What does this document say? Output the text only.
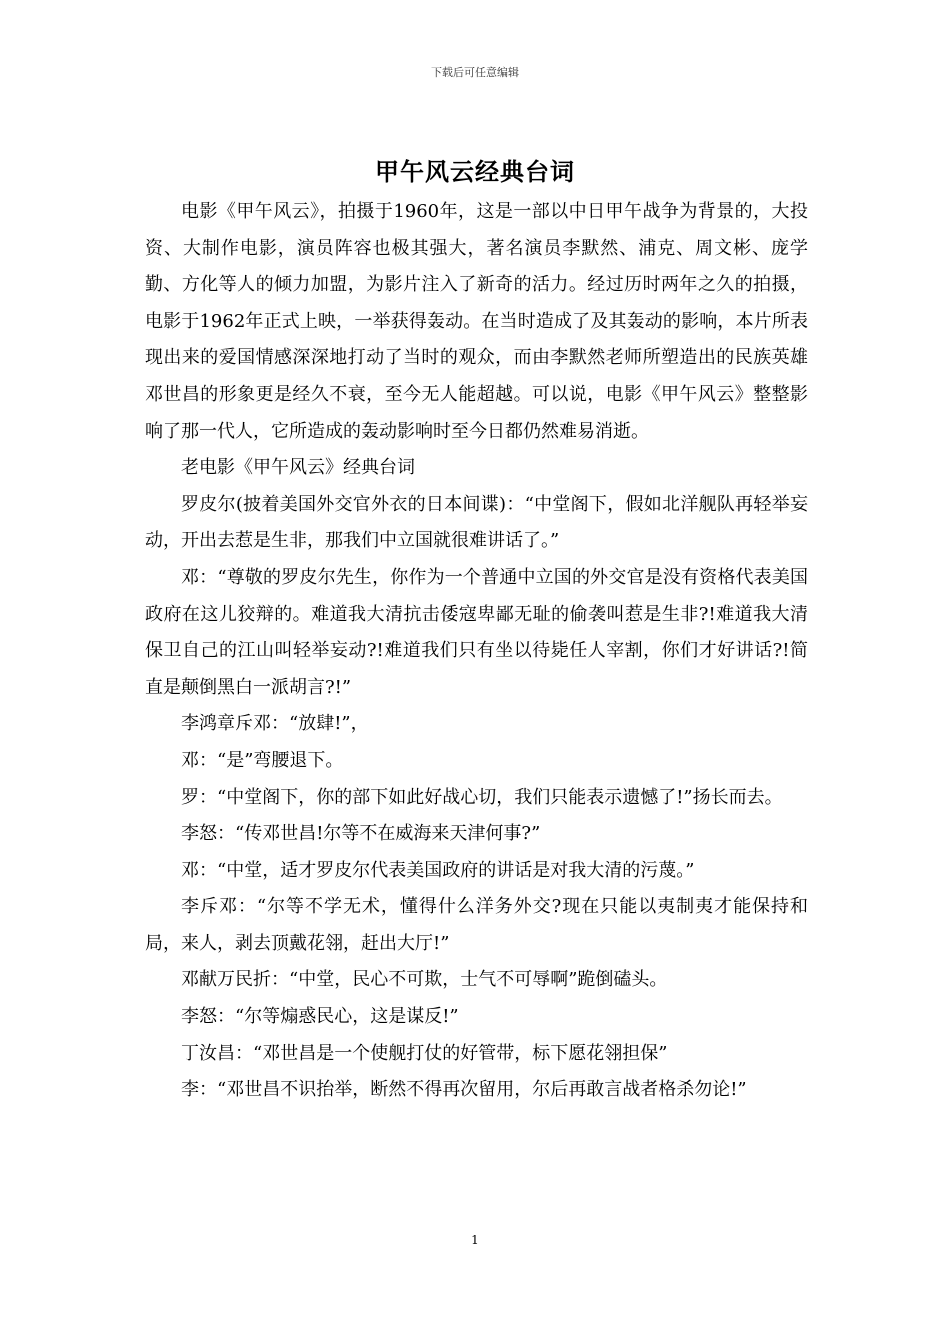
下载后可任意编辑
甲午风云经典台词

电影《甲午风云》，拍摄于1960年，这是一部以中日甲午战争为背景的，大投资、大制作电影，演员阵容也极其强大，著名演员李默然、浦克、周文彬、庞学勤、方化等人的倾力加盟，为影片注入了新奇的活力。经过历时两年之久的拍摄，电影于1962年正式上映，一举获得轰动。在当时造成了及其轰动的影响，本片所表现出来的爱国情感深深地打动了当时的观众，而由李默然老师所塑造出的民族英雄邓世昌的形象更是经久不衰，至今无人能超越。可以说，电影《甲午风云》整整影响了那一代人，它所造成的轰动影响时至今日都仍然难易消逝。

老电影《甲午风云》经典台词

罗皮尔(披着美国外交官外衣的日本间谍)：“中堂阁下，假如北洋舰队再轻举妄动，开出去惹是生非，那我们中立国就很难讲话了。”

邓：“尊敬的罗皮尔先生，你作为一个普通中立国的外交官是没有资格代表美国政府在这儿狡辩的。难道我大清抗击倭寇卑鄙无耻的偷袭叫惹是生非?!难道我大清保卫自己的江山叫轻举妄动?!难道我们只有坐以待毙任人宰割，你们才好讲话?!简直是颠倒黑白一派胡言?!”

李鸿章斥邓：“放肆!”，

邓：“是”弯腰退下。

罗：“中堂阁下，你的部下如此好战心切，我们只能表示遗憾了!”扬长而去。

李怒：“传邓世昌!尔等不在威海来天津何事?”

邓：“中堂，适才罗皮尔代表美国政府的讲话是对我大清的污蔑。”

李斥邓：“尔等不学无术，懂得什么洋务外交?现在只能以夷制夷才能保持和局，来人，剥去顶戴花翎，赶出大厅!”

邓献万民折：“中堂，民心不可欺，士气不可辱啊”跪倒磕头。

李怒：“尔等煽惑民心，这是谋反!”

丁汝昌：“邓世昌是一个使舰打仗的好管带，标下愿花翎担保”

李：“邓世昌不识抬举，断然不得再次留用，尔后再敢言战者格杀勿论!”

1
